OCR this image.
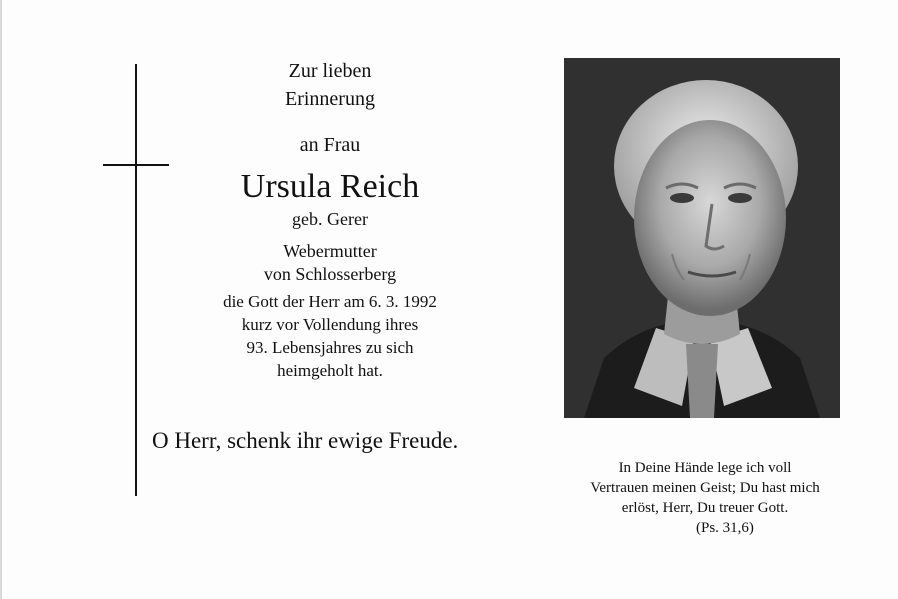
Zur lieben
Erinnerung
an Frau
Ursula Reich
geb. Gerer
Webermutter
von Schlosserberg
die Gott der Herr am 6. 3. 1992
kurz vor Vollendung ihres
93. Lebensjahres zu sich
heimgeholt hat.
O Herr, schenk ihr ewige Freude.
In Deine Hände lege ich voll
Vertrauen meinen Geist; Du hast mich
erlöst, Herr, Du treuer Gott.
(Ps. 31,6)
